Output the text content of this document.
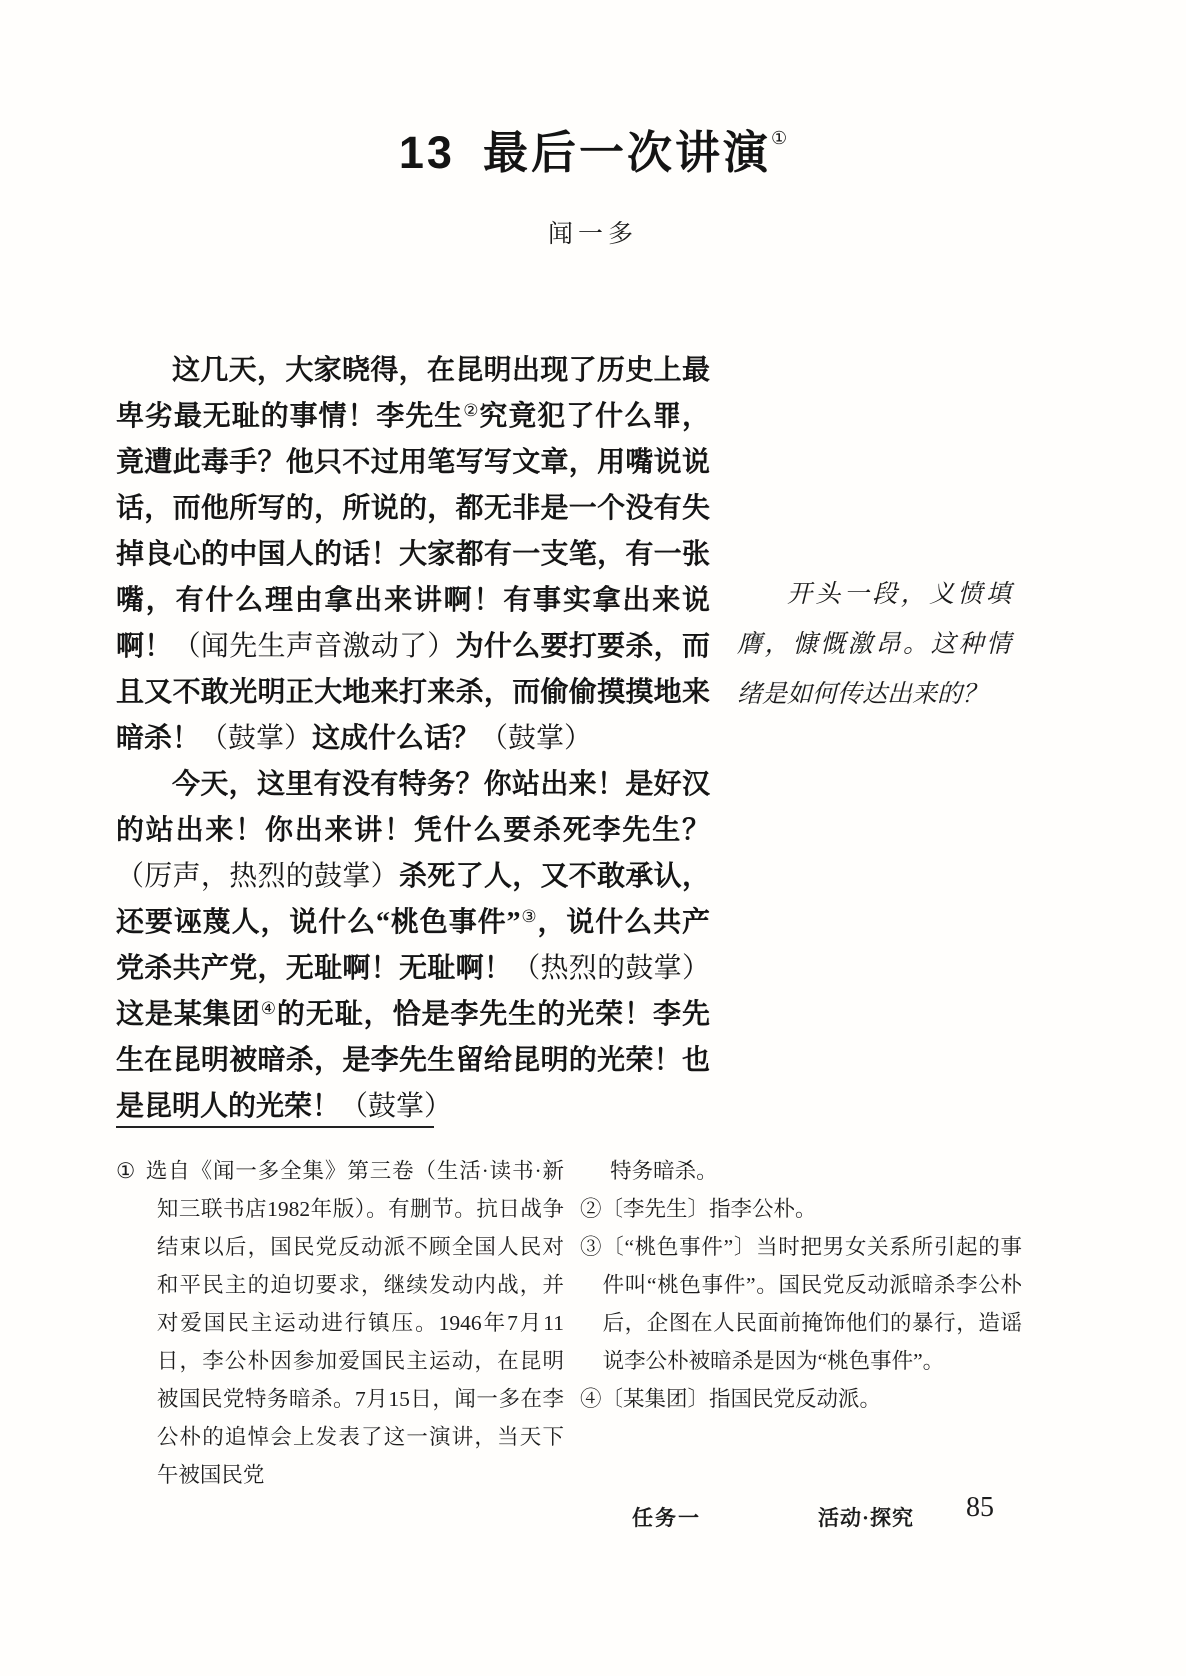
13 最后一次讲演①
闻一多

这几天，大家晓得，在昆明出现了历史上最卑劣最无耻的事情！李先生②究竟犯了什么罪，竟遭此毒手？他只不过用笔写写文章，用嘴说说话，而他所写的，所说的，都无非是一个没有失掉良心的中国人的话！大家都有一支笔，有一张嘴，有什么理由拿出来讲啊！有事实拿出来说啊！（闻先生声音激动了）为什么要打要杀，而且又不敢光明正大地来打来杀，而偷偷摸摸地来暗杀！（鼓掌）这成什么话？（鼓掌）

今天，这里有没有特务？你站出来！是好汉的站出来！你出来讲！凭什么要杀死李先生？（厉声，热烈的鼓掌）杀死了人，又不敢承认，还要诬蔑人，说什么“桃色事件”③，说什么共产党杀共产党，无耻啊！无耻啊！（热烈的鼓掌）这是某集团④的无耻，恰是李先生的光荣！李先生在昆明被暗杀，是李先生留给昆明的光荣！也是昆明人的光荣！（鼓掌）

开头一段，义愤填膺，慷慨激昂。这种情绪是如何传达出来的？
① 选自《闻一多全集》第三卷（生活·读书·新知三联书店1982年版）。有删节。抗日战争结束以后，国民党反动派不顾全国人民对和平民主的迫切要求，继续发动内战，并对爱国民主运动进行镇压。1946年7月11日，李公朴因参加爱国民主运动，在昆明被国民党特务暗杀。7月15日，闻一多在李公朴的追悼会上发表了这一演讲，当天下午被国民党
特务暗杀。
②〔李先生〕指李公朴。
③〔“桃色事件”〕当时把男女关系所引起的事件叫“桃色事件”。国民党反动派暗杀李公朴后，企图在人民面前掩饰他们的暴行，造谣说李公朴被暗杀是因为“桃色事件”。
④〔某集团〕指国民党反动派。
任务一	活动·探究 85
